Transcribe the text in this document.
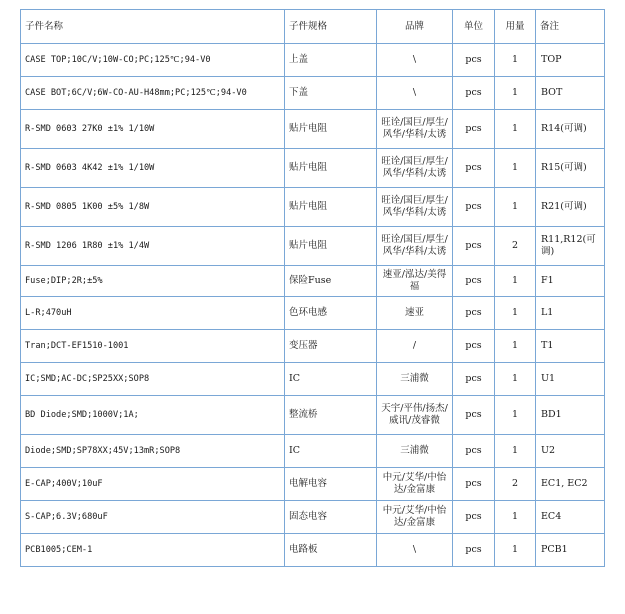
子件名称	子件规格	品牌	单位	用量	备注
CASE TOP;10C/V;10W-CO;PC;125℃;94-V0	上盖	\	pcs	1	TOP
CASE BOT;6C/V;6W-CO-AU-H48mm;PC;125℃;94-V0	下盖	\	pcs	1	BOT
R-SMD 0603 27K0 ±1% 1/10W	贴片电阻	旺诠/国巨/厚生/风华/华科/太诱	pcs	1	R14(可调)
R-SMD 0603 4K42 ±1% 1/10W	贴片电阻	旺诠/国巨/厚生/风华/华科/太诱	pcs	1	R15(可调)
R-SMD 0805 1K00 ±5% 1/8W	贴片电阻	旺诠/国巨/厚生/风华/华科/太诱	pcs	1	R21(可调)
R-SMD 1206 1R80 ±1% 1/4W	贴片电阻	旺诠/国巨/厚生/风华/华科/太诱	pcs	2	R11,R12(可调)
Fuse;DIP;2R;±5%	保险Fuse	速亚/泓达/美得福	pcs	1	F1
L-R;470uH	色环电感	速亚	pcs	1	L1
Tran;DCT-EF1510-1001	变压器	/	pcs	1	T1
IC;SMD;AC-DC;SP25XX;SOP8	IC	三浦微	pcs	1	U1
BD Diode;SMD;1000V;1A;	整流桥	天宇/平伟/扬杰/威讯/茂睿微	pcs	1	BD1
Diode;SMD;SP78XX;45V;13mR;SOP8	IC	三浦微	pcs	1	U2
E-CAP;400V;10uF	电解电容	中元/艾华/中怡达/金富康	pcs	2	EC1, EC2
S-CAP;6.3V;680uF	固态电容	中元/艾华/中怡达/金富康	pcs	1	EC4
PCB1005;CEM-1	电路板	\	pcs	1	PCB1
